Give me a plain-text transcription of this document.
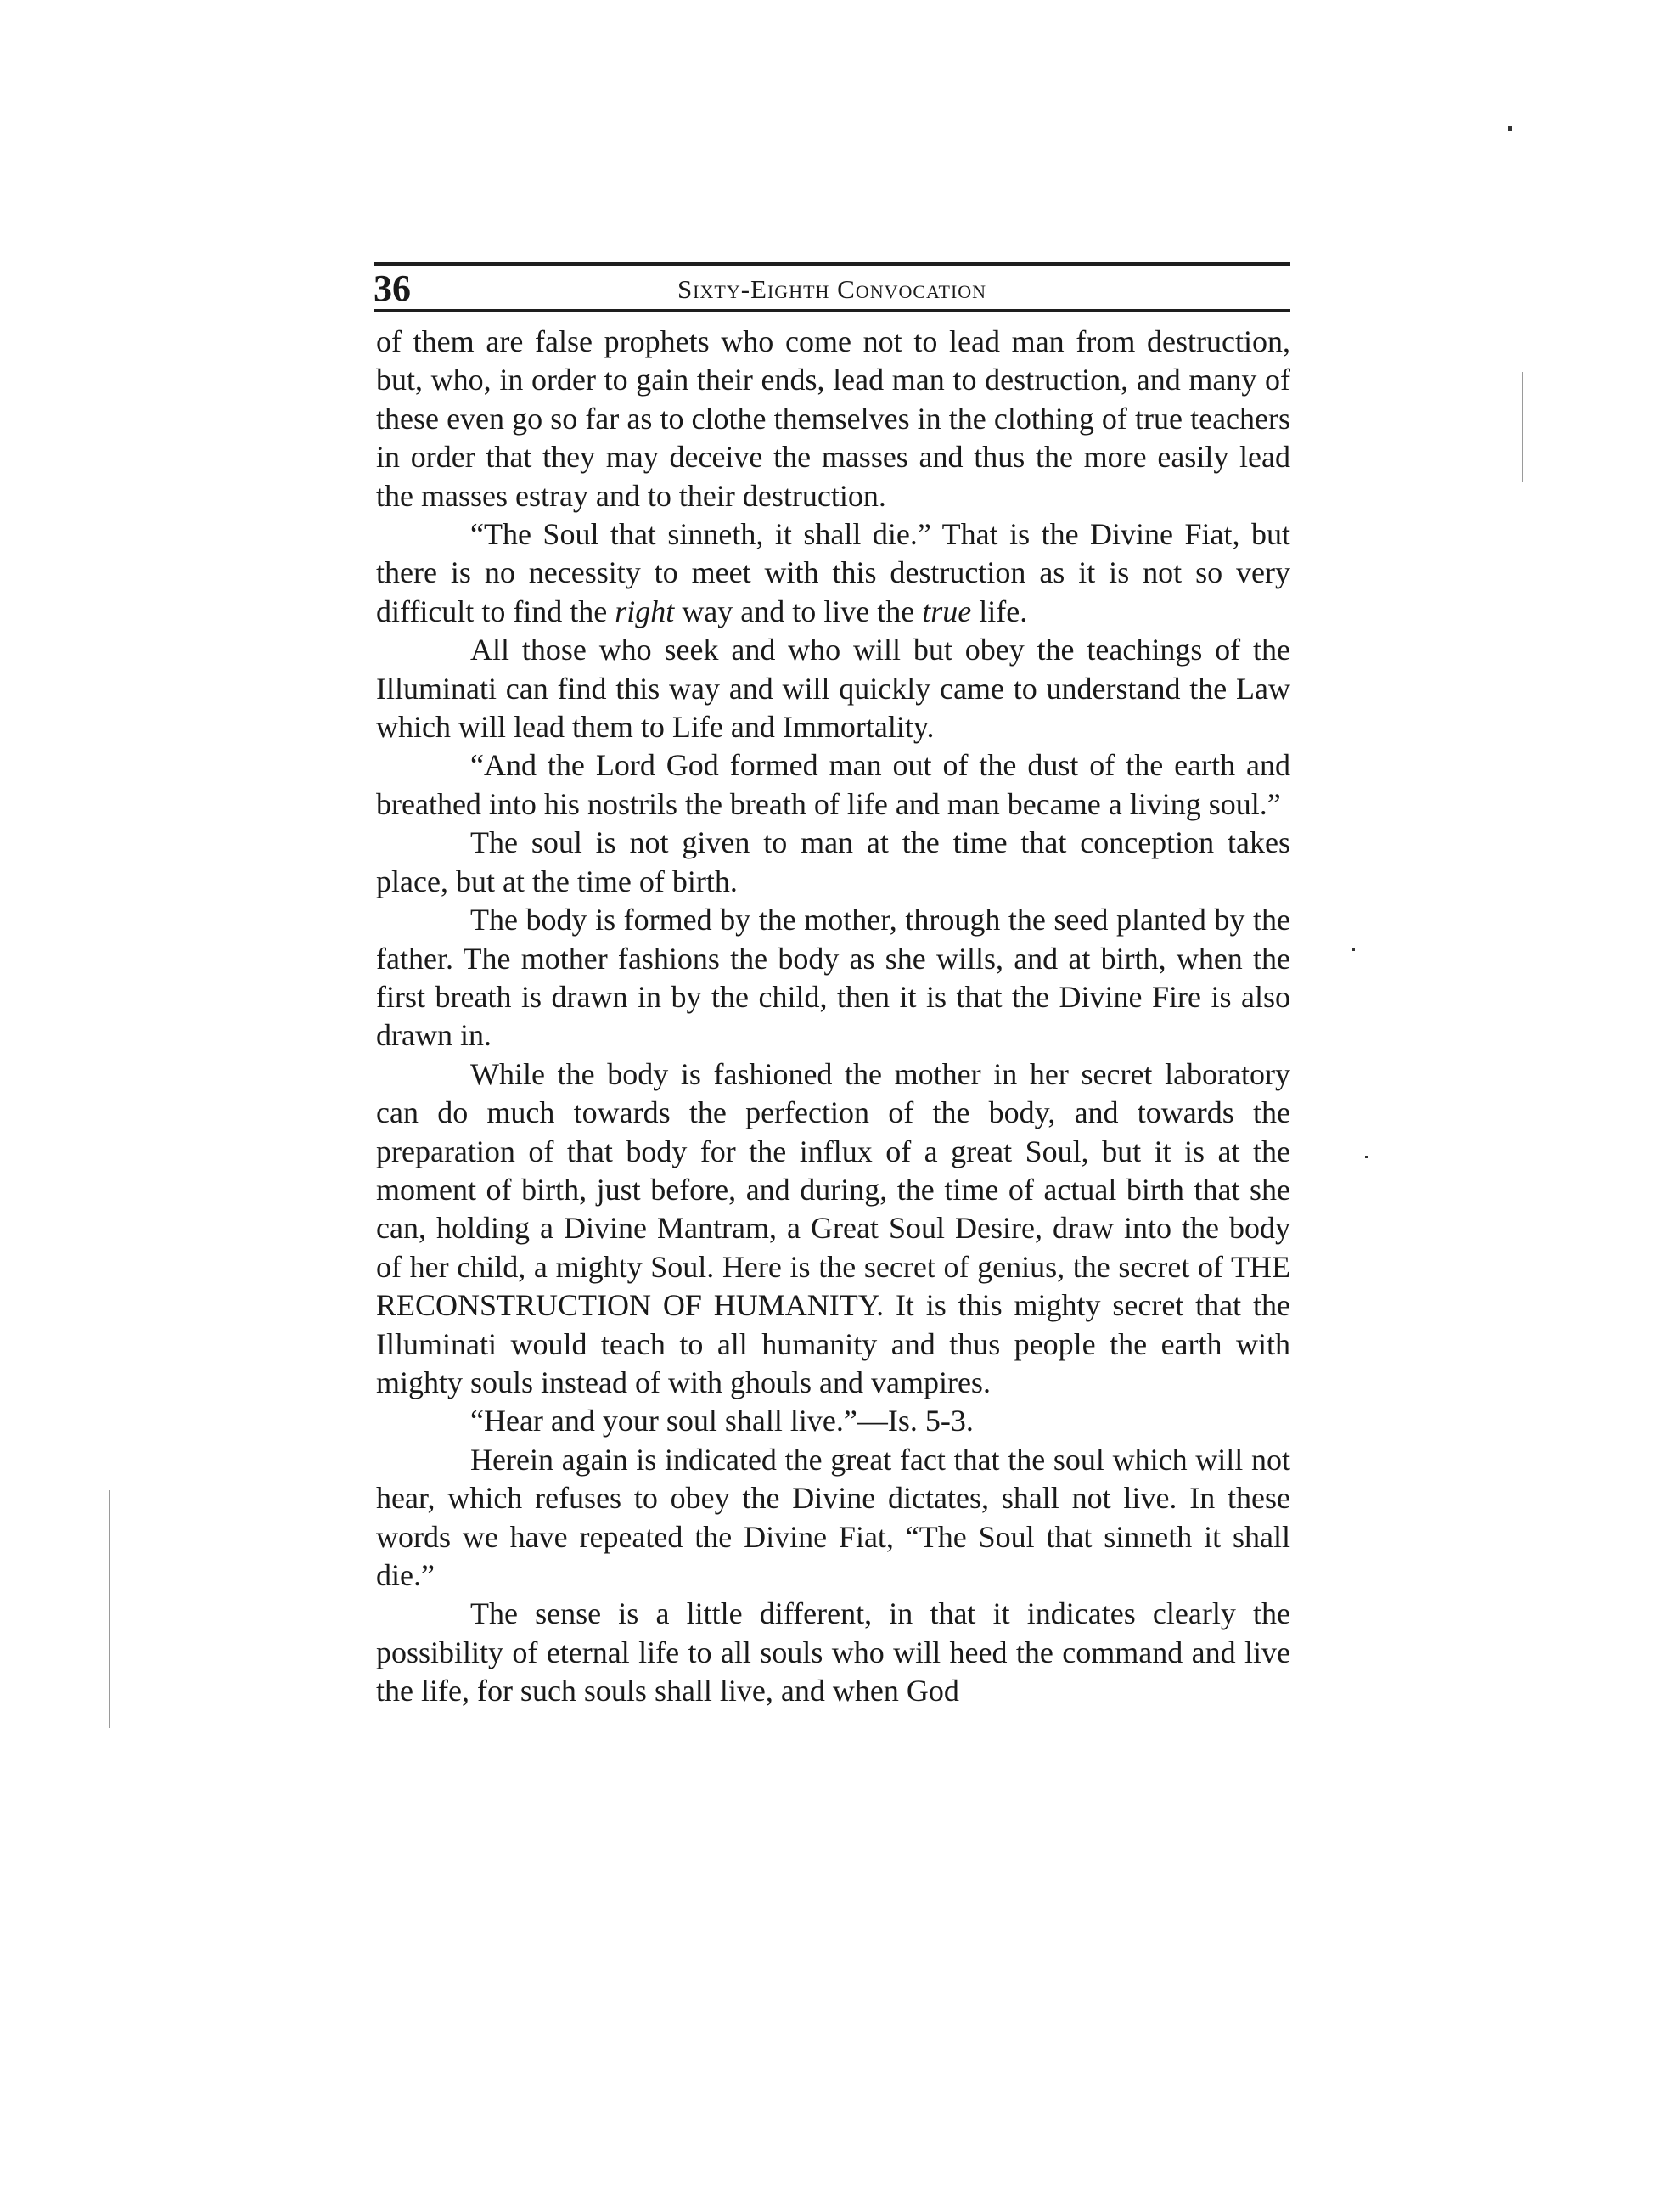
36	Sixty-Eighth Convocation

of them are false prophets who come not to lead man from destruction, but, who, in order to gain their ends, lead man to destruction, and many of these even go so far as to clothe themselves in the clothing of true teachers in order that they may deceive the masses and thus the more easily lead the masses estray and to their destruction.

“The Soul that sinneth, it shall die.” That is the Divine Fiat, but there is no necessity to meet with this destruction as it is not so very difficult to find the right way and to live the true life.

All those who seek and who will but obey the teachings of the Illuminati can find this way and will quickly came to understand the Law which will lead them to Life and Immortality.

“And the Lord God formed man out of the dust of the earth and breathed into his nostrils the breath of life and man became a living soul.”

The soul is not given to man at the time that conception takes place, but at the time of birth.

The body is formed by the mother, through the seed planted by the father. The mother fashions the body as she wills, and at birth, when the first breath is drawn in by the child, then it is that the Divine Fire is also drawn in.

While the body is fashioned the mother in her secret laboratory can do much towards the perfection of the body, and towards the preparation of that body for the influx of a great Soul, but it is at the moment of birth, just before, and during, the time of actual birth that she can, holding a Divine Mantram, a Great Soul Desire, draw into the body of her child, a mighty Soul. Here is the secret of genius, the secret of THE RECONSTRUCTION OF HUMANITY. It is this mighty secret that the Illuminati would teach to all humanity and thus people the earth with mighty souls instead of with ghouls and vampires.

“Hear and your soul shall live.”—Is. 5-3.

Herein again is indicated the great fact that the soul which will not hear, which refuses to obey the Divine dictates, shall not live. In these words we have repeated the Divine Fiat, “The Soul that sinneth it shall die.”

The sense is a little different, in that it indicates clearly the possibility of eternal life to all souls who will heed the command and live the life, for such souls shall live, and when God
